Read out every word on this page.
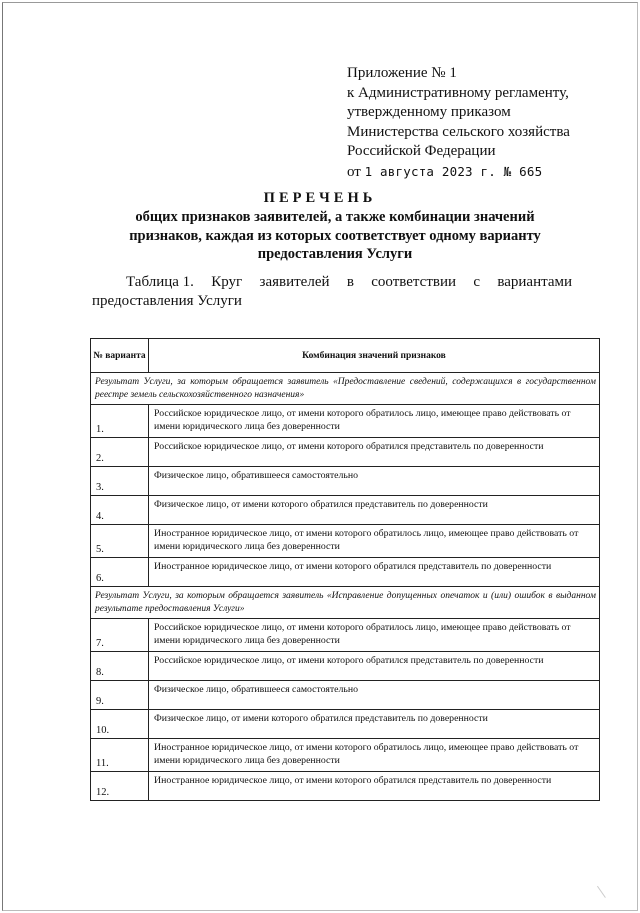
Приложение № 1
к Административному регламенту,
утвержденному приказом
Министерства сельского хозяйства
Российской Федерации
от 1 августа 2023 г. № 665
ПЕРЕЧЕНЬ
общих признаков заявителей, а также комбинации значений признаков, каждая из которых соответствует одному варианту предоставления Услуги
Таблица 1. Круг заявителей в соответствии с вариантами
предоставления Услуги
№ варианта	Комбинация значений признаков
Результат Услуги, за которым обращается заявитель «Предоставление сведений, содержащихся в государственном реестре земель сельскохозяйственного назначения»	
1.	Российское юридическое лицо, от имени которого обратилось лицо, имеющее право действовать от имени юридического лица без доверенности
2.	Российское юридическое лицо, от имени которого обратился представитель по доверенности
3.	Физическое лицо, обратившееся самостоятельно
4.	Физическое лицо, от имени которого обратился представитель по доверенности
5.	Иностранное юридическое лицо, от имени которого обратилось лицо, имеющее право действовать от имени юридического лица без доверенности
6.	Иностранное юридическое лицо, от имени которого обратился представитель по доверенности
Результат Услуги, за которым обращается заявитель «Исправление допущенных опечаток и (или) ошибок в выданном результате предоставления Услуги»	
7.	Российское юридическое лицо, от имени которого обратилось лицо, имеющее право действовать от имени юридического лица без доверенности
8.	Российское юридическое лицо, от имени которого обратился представитель по доверенности
9.	Физическое лицо, обратившееся самостоятельно
10.	Физическое лицо, от имени которого обратился представитель по доверенности
11.	Иностранное юридическое лицо, от имени которого обратилось лицо, имеющее право действовать от имени юридического лица без доверенности
12.	Иностранное юридическое лицо, от имени которого обратился представитель по доверенности
